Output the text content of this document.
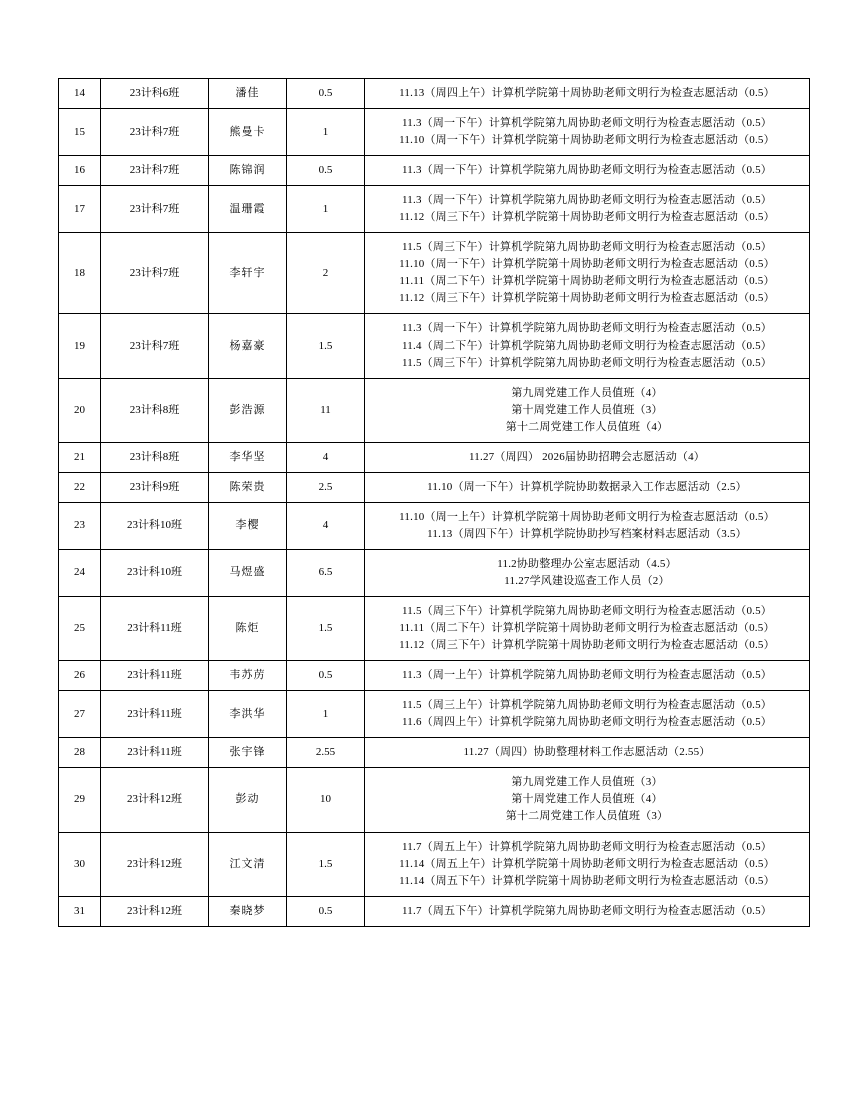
14	23计科6班	潘佳	0.5	11.13（周四上午）计算机学院第十周协助老师文明行为检查志愿活动（0.5）

15	23计科7班	熊曼卡	1	11.3（周一下午）计算机学院第九周协助老师文明行为检查志愿活动（0.5）
11.10（周一下午）计算机学院第十周协助老师文明行为检查志愿活动（0.5）

16	23计科7班	陈锦润	0.5	11.3（周一下午）计算机学院第九周协助老师文明行为检查志愿活动（0.5）

17	23计科7班	温珊霞	1	11.3（周一下午）计算机学院第九周协助老师文明行为检查志愿活动（0.5）
11.12（周三下午）计算机学院第十周协助老师文明行为检查志愿活动（0.5）

18	23计科7班	李轩宇	2	11.5（周三下午）计算机学院第九周协助老师文明行为检查志愿活动（0.5）
11.10（周一下午）计算机学院第十周协助老师文明行为检查志愿活动（0.5）
11.11（周二下午）计算机学院第十周协助老师文明行为检查志愿活动（0.5）
11.12（周三下午）计算机学院第十周协助老师文明行为检查志愿活动（0.5）

19	23计科7班	杨嘉豪	1.5	11.3（周一下午）计算机学院第九周协助老师文明行为检查志愿活动（0.5）
11.4（周二下午）计算机学院第九周协助老师文明行为检查志愿活动（0.5）
11.5（周三下午）计算机学院第九周协助老师文明行为检查志愿活动（0.5）

20	23计科8班	彭浩源	11	第九周党建工作人员值班（4）
第十周党建工作人员值班（3）
第十二周党建工作人员值班（4）

21	23计科8班	李华坚	4	11.27（周四） 2026届协助招聘会志愿活动（4）

22	23计科9班	陈荣贵	2.5	11.10（周一下午）计算机学院协助数据录入工作志愿活动（2.5）

23	23计科10班	李樱	4	11.10（周一上午）计算机学院第十周协助老师文明行为检查志愿活动（0.5）
11.13（周四下午）计算机学院协助抄写档案材料志愿活动（3.5）

24	23计科10班	马煜盛	6.5	11.2协助整理办公室志愿活动（4.5）
11.27学风建设巡查工作人员（2）

25	23计科11班	陈炬	1.5	11.5（周三下午）计算机学院第九周协助老师文明行为检查志愿活动（0.5）
11.11（周二下午）计算机学院第十周协助老师文明行为检查志愿活动（0.5）
11.12（周三下午）计算机学院第十周协助老师文明行为检查志愿活动（0.5）

26	23计科11班	韦苏苈	0.5	11.3（周一上午）计算机学院第九周协助老师文明行为检查志愿活动（0.5）

27	23计科11班	李洪华	1	11.5（周三上午）计算机学院第九周协助老师文明行为检查志愿活动（0.5）
11.6（周四上午）计算机学院第九周协助老师文明行为检查志愿活动（0.5）

28	23计科11班	张宇锋	2.55	11.27（周四）协助整理材料工作志愿活动（2.55）

29	23计科12班	彭动	10	第九周党建工作人员值班（3）
第十周党建工作人员值班（4）
第十二周党建工作人员值班（3）

30	23计科12班	江文清	1.5	11.7（周五上午）计算机学院第九周协助老师文明行为检查志愿活动（0.5）
11.14（周五上午）计算机学院第十周协助老师文明行为检查志愿活动（0.5）
11.14（周五下午）计算机学院第十周协助老师文明行为检查志愿活动（0.5）

31	23计科12班	秦晓梦	0.5	11.7（周五下午）计算机学院第九周协助老师文明行为检查志愿活动（0.5）
